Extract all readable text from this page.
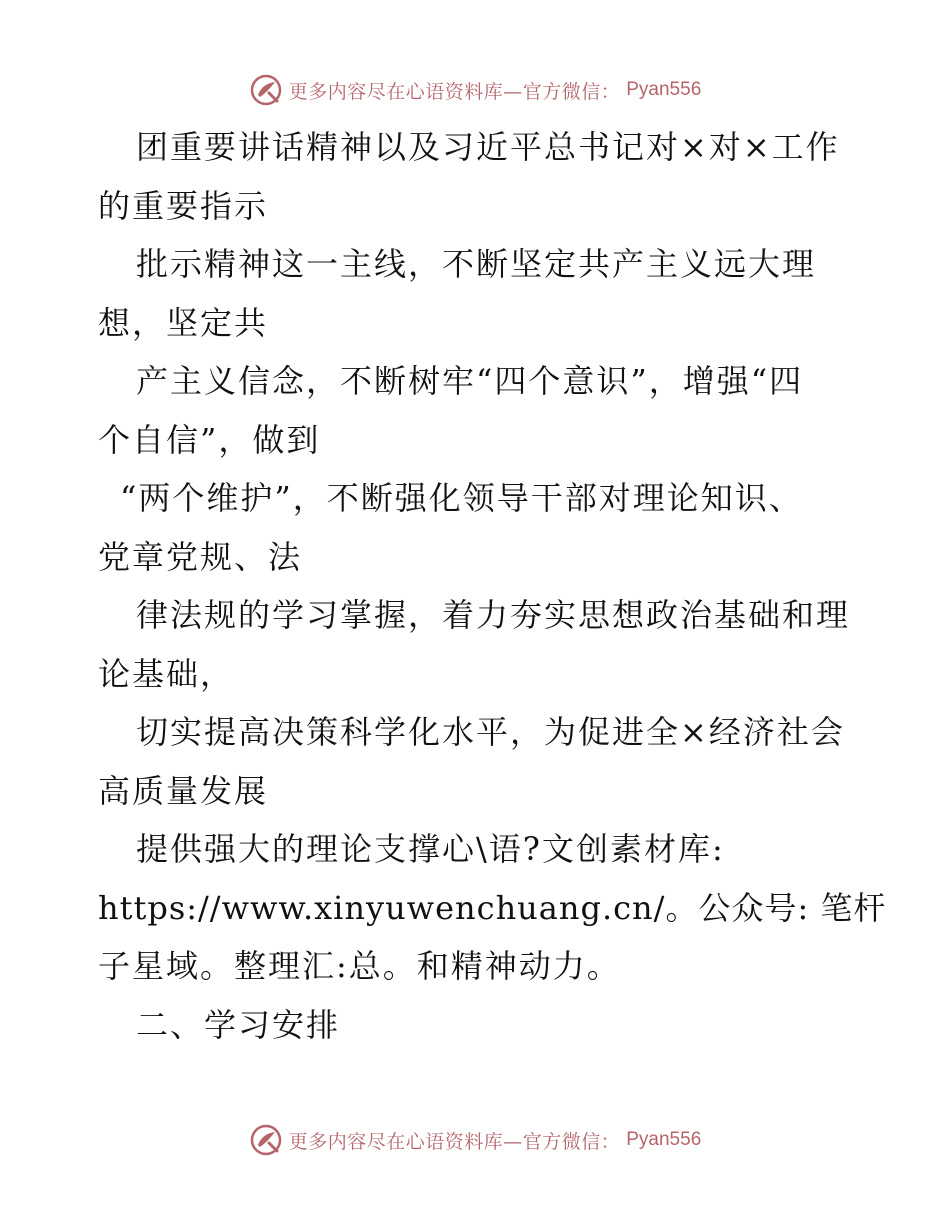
更多内容尽在心语资料库—官方微信： Pyan556
团重要讲话精神以及习近平总书记对×对×工作
的重要指示
批示精神这一主线，不断坚定共产主义远大理
想，坚定共
产主义信念，不断树牢“四个意识”，增强“四
个自信”，做到
“两个维护”，不断强化领导干部对理论知识、
党章党规、法
律法规的学习掌握，着力夯实思想政治基础和理
论基础，
切实提高决策科学化水平，为促进全×经济社会
高质量发展
提供强大的理论支撑心\语?文创素材库:
https://www.xinyuwenchuang.cn/。公众号: 笔杆
子星域。整理汇:总。和精神动力。
二、学习安排
更多内容尽在心语资料库—官方微信： Pyan556
